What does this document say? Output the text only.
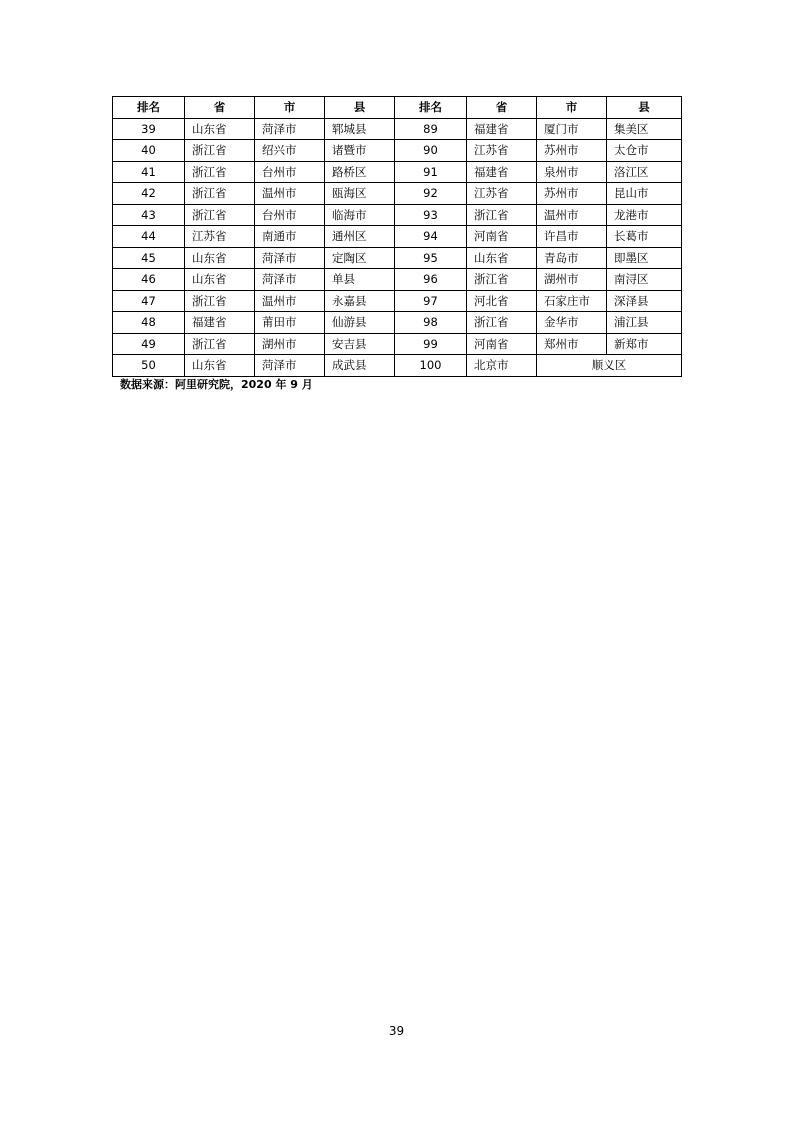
排名	省	市	县	排名	省	市	县
39	山东省	菏泽市	郓城县	89	福建省	厦门市	集美区
40	浙江省	绍兴市	诸暨市	90	江苏省	苏州市	太仓市
41	浙江省	台州市	路桥区	91	福建省	泉州市	洛江区
42	浙江省	温州市	瓯海区	92	江苏省	苏州市	昆山市
43	浙江省	台州市	临海市	93	浙江省	温州市	龙港市
44	江苏省	南通市	通州区	94	河南省	许昌市	长葛市
45	山东省	菏泽市	定陶区	95	山东省	青岛市	即墨区
46	山东省	菏泽市	单县	96	浙江省	湖州市	南浔区
47	浙江省	温州市	永嘉县	97	河北省	石家庄市	深泽县
48	福建省	莆田市	仙游县	98	浙江省	金华市	浦江县
49	浙江省	湖州市	安吉县	99	河南省	郑州市	新郑市
50	山东省	菏泽市	成武县	100	北京市	顺义区	
数据来源：阿里研究院，2020 年 9 月
39
